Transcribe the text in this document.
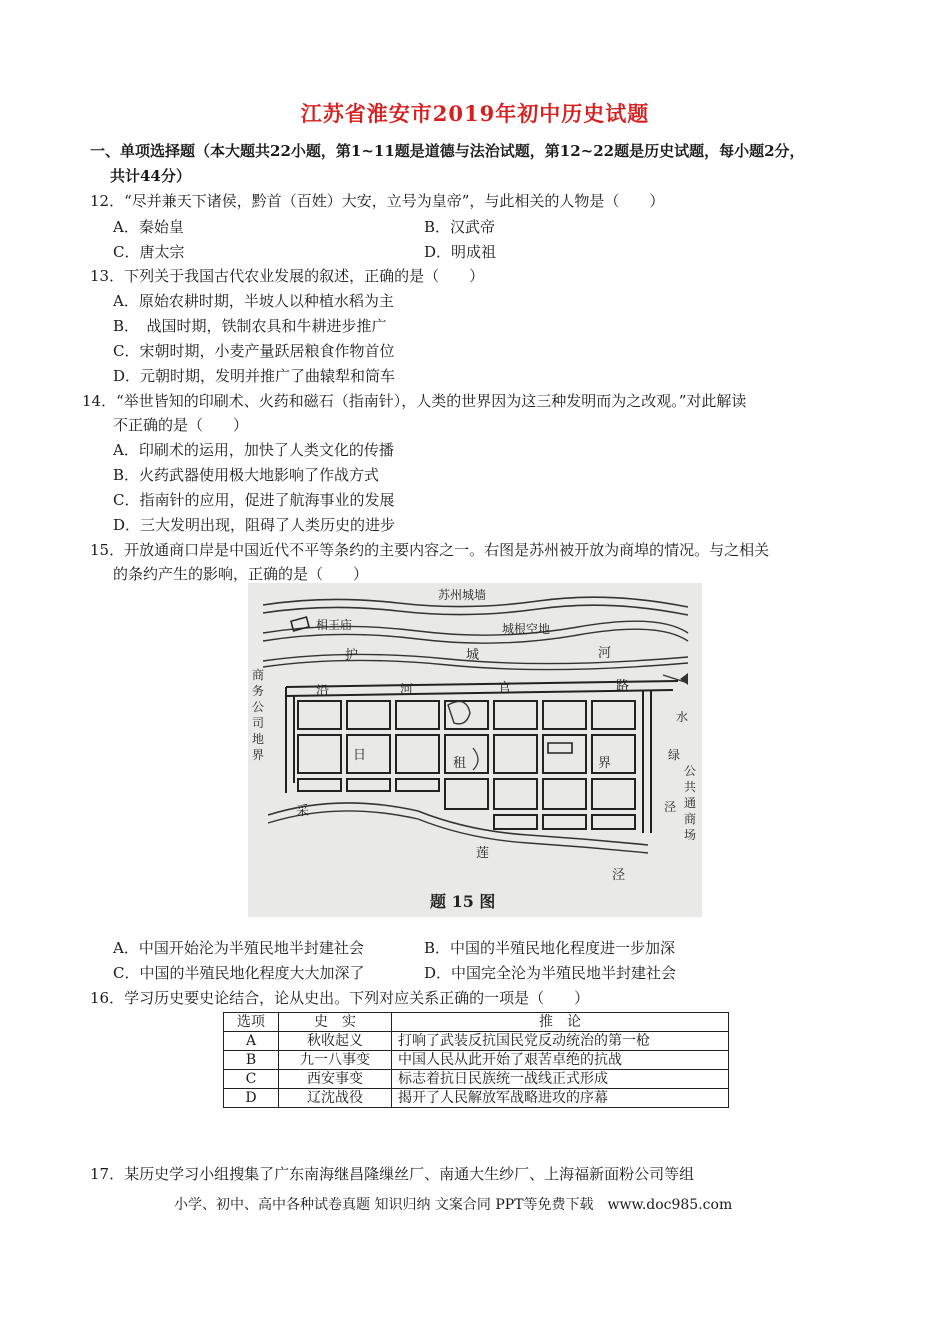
江苏省淮安市2019年初中历史试题
一、单项选择题（本大题共22小题，第1~11题是道德与法治试题，第12~22题是历史试题，每小题2分，
共计44分）
12．“尽并兼天下诸侯，黔首（百姓）大安，立号为皇帝”，与此相关的人物是（　　）
A．秦始皇	B．汉武帝
C．唐太宗	D．明成祖
13．下列关于我国古代农业发展的叙述，正确的是（　　）
A．原始农耕时期，半坡人以种植水稻为主
B．　战国时期，铁制农具和牛耕进步推广
C．宋朝时期，小麦产量跃居粮食作物首位
D．元朝时期，发明并推广了曲辕犁和筒车
14．“举世皆知的印刷术、火药和磁石（指南针），人类的世界因为这三种发明而为之改观。”对此解读
不正确的是（　　）
A．印刷术的运用，加快了人类文化的传播
B．火药武器使用极大地影响了作战方式
C．指南针的应用，促进了航海事业的发展
D．三大发明出现，阻碍了人类历史的进步
15．开放通商口岸是中国近代不平等条约的主要内容之一。右图是苏州被开放为商埠的情况。与之相关
的条约产生的影响，正确的是（　　）
苏州城墙
相王庙	城根空地
护	城	河
商
务
公
司
地
界
沿	河	官	路
日
租	界
水
绿
公
共
通
商
场
泾
采
莲
泾
题 15 图
A．中国开始沦为半殖民地半封建社会	B．中国的半殖民地化程度进一步加深
C．中国的半殖民地化程度大大加深了	D．中国完全沦为半殖民地半封建社会
16．学习历史要史论结合，论从史出。下列对应关系正确的一项是（　　）
选项	史　实	推　论
A	秋收起义	打响了武装反抗国民党反动统治的第一枪
B	九一八事变	中国人民从此开始了艰苦卓绝的抗战
C	西安事变	标志着抗日民族统一战线正式形成
D	辽沈战役	揭开了人民解放军战略进攻的序幕
17．某历史学习小组搜集了广东南海继昌隆缫丝厂、南通大生纱厂、上海福新面粉公司等组
小学、初中、高中各种试卷真题 知识归纳 文案合同 PPT等免费下载　www.doc985.com
